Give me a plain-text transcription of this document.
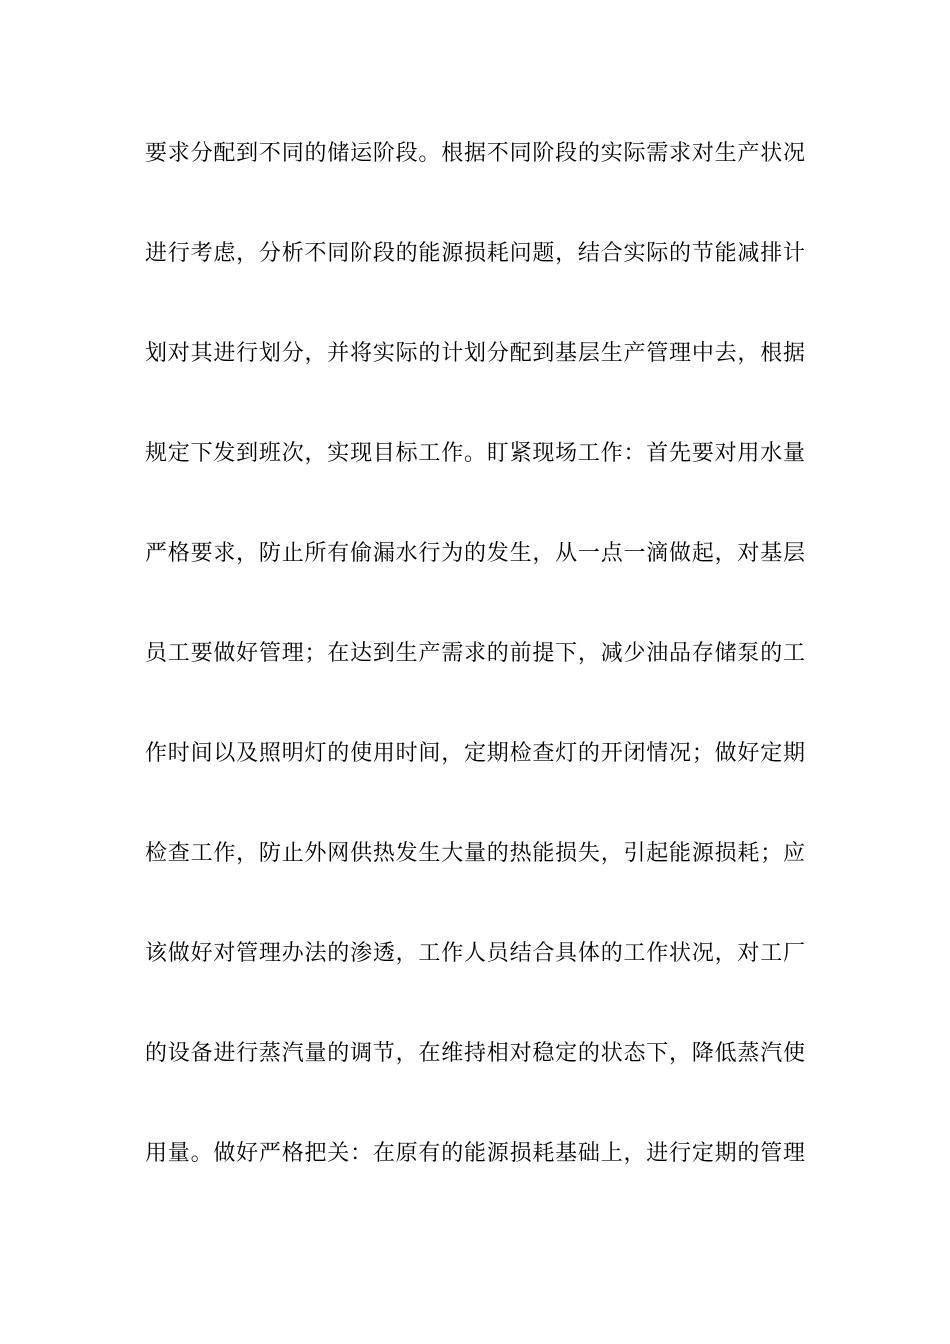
要求分配到不同的储运阶段。根据不同阶段的实际需求对生产状况
进行考虑，分析不同阶段的能源损耗问题，结合实际的节能减排计
划对其进行划分，并将实际的计划分配到基层生产管理中去，根据
规定下发到班次，实现目标工作。盯紧现场工作：首先要对用水量
严格要求，防止所有偷漏水行为的发生，从一点一滴做起，对基层
员工要做好管理；在达到生产需求的前提下，减少油品存储泵的工
作时间以及照明灯的使用时间，定期检查灯的开闭情况；做好定期
检查工作，防止外网供热发生大量的热能损失，引起能源损耗；应
该做好对管理办法的渗透，工作人员结合具体的工作状况，对工厂
的设备进行蒸汽量的调节，在维持相对稳定的状态下，降低蒸汽使
用量。做好严格把关：在原有的能源损耗基础上，进行定期的管理
